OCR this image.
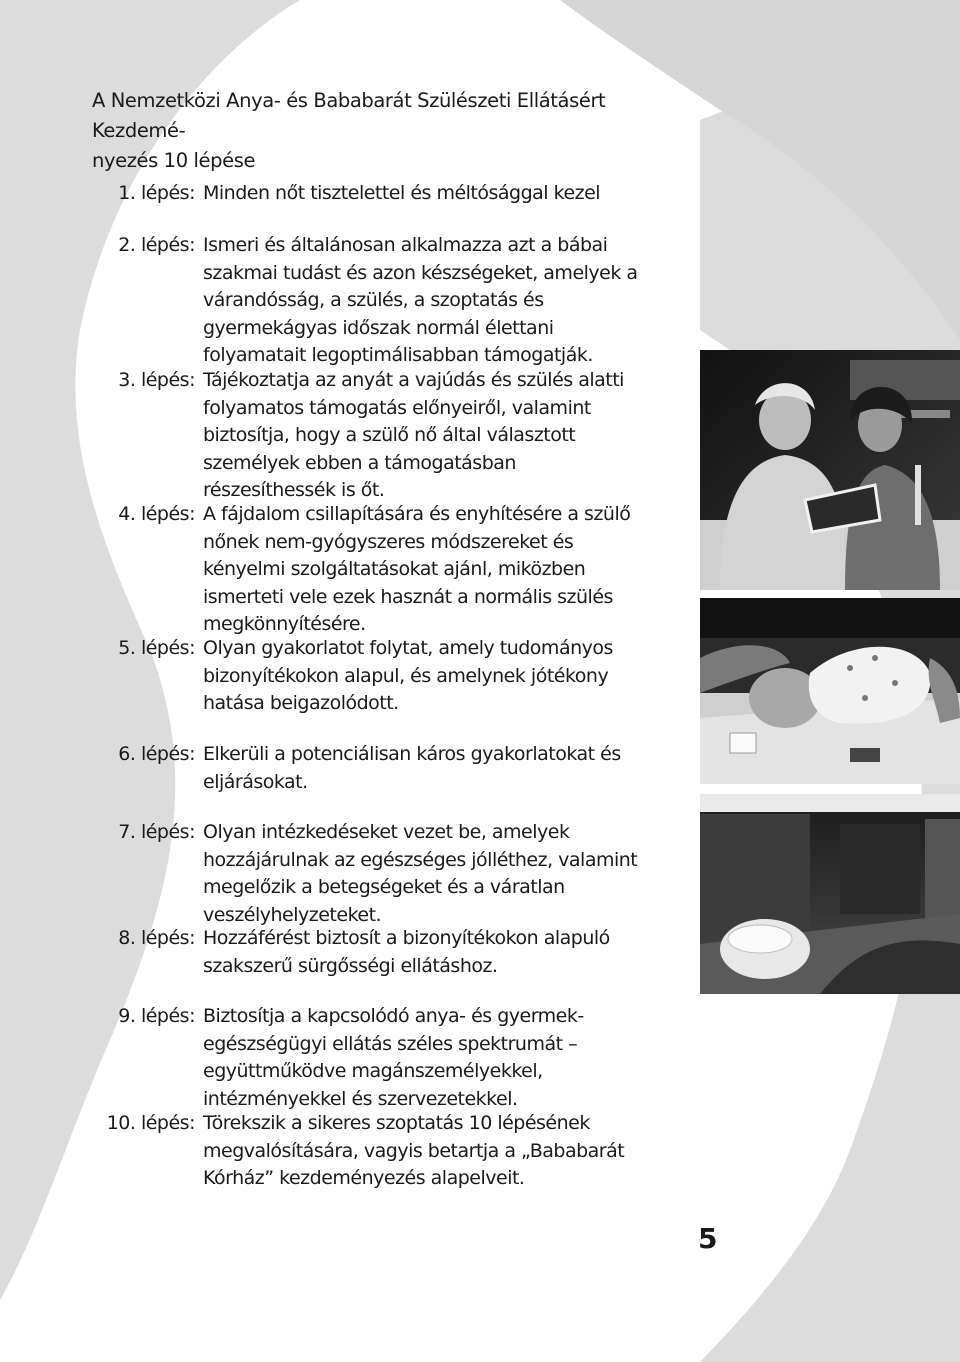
A Nemzetközi Anya- és Bababarát Szülészeti Ellátásért Kezdemé-
nyezés 10 lépése
1. lépés: Minden nőt tisztelettel és méltósággal kezel
2. lépés: Ismeri és általánosan alkalmazza azt a bábai szakmai tudást és azon készségeket, amelyek a várandósság, a szülés, a szoptatás és gyermekágyas időszak normál élettani folyamatait legoptimálisabban támogatják.
3. lépés: Tájékoztatja az anyát a vajúdás és szülés alatti folyamatos támogatás előnyeiről, valamint biztosítja, hogy a szülő nő által választott személyek ebben a támogatásban részesíthessék is őt.
4. lépés: A fájdalom csillapítására és enyhítésére a szülő nőnek nem-gyógyszeres módszereket és kényelmi szolgáltatásokat ajánl, miközben ismerteti vele ezek hasznát a normális szülés megkönnyítésére.
5. lépés: Olyan gyakorlatot folytat, amely tudományos bizonyítékokon alapul, és amelynek jótékony hatása beigazolódott.
6. lépés: Elkerüli a potenciálisan káros gyakorlatokat és eljárásokat.
7. lépés: Olyan intézkedéseket vezet be, amelyek hozzájárulnak az egészséges jólléthez, valamint megelőzik a betegségeket és a váratlan veszélyhelyzeteket.
8. lépés: Hozzáférést biztosít a bizonyítékokon alapuló szakszerű sürgősségi ellátáshoz.
9. lépés: Biztosítja a kapcsolódó anya- és gyermek-egészségügyi ellátás széles spektrumát – együttműködve magánszemélyekkel, intézményekkel és szervezetekkel.
10. lépés: Törekszik a sikeres szoptatás 10 lépésének megvalósítására, vagyis betartja a „Bababarát Kórház” kezdeményezés alapelveit.
5
